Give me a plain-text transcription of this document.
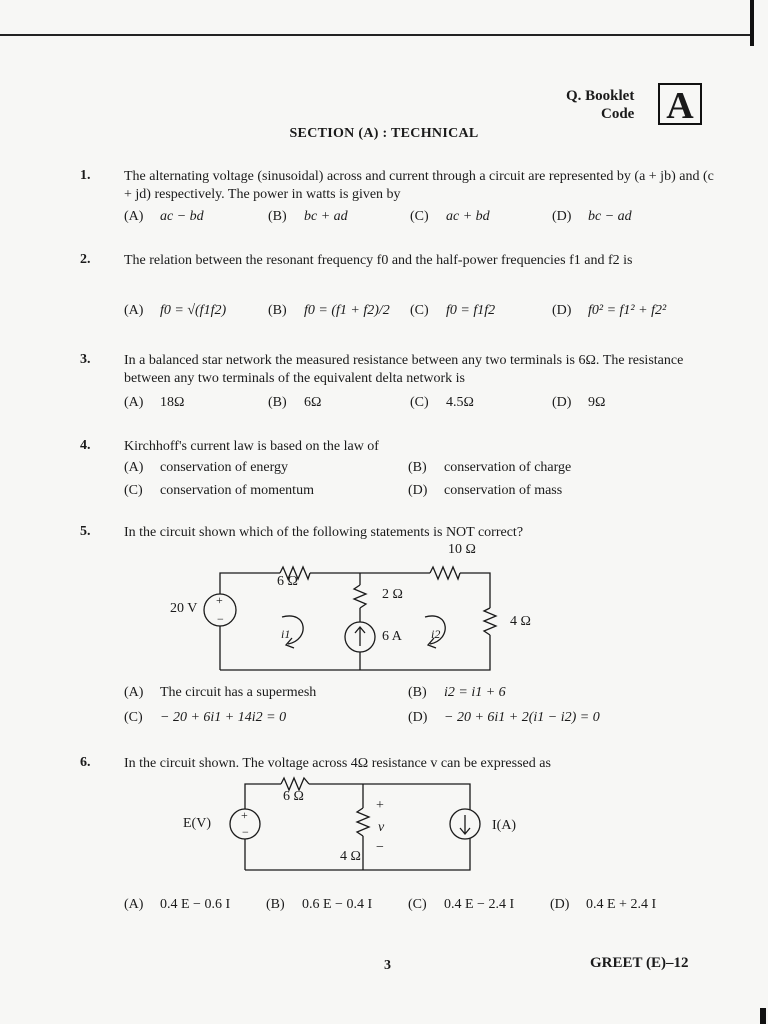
Q. Booklet
Code A
SECTION (A) : TECHNICAL
1. The alternating voltage (sinusoidal) across and current through a circuit are represented by (a + jb) and (c + jd) respectively. The power in watts is given by
(A) ac − bd	(B) bc + ad	(C) ac + bd	(D) bc − ad
2. The relation between the resonant frequency f0 and the half-power frequencies f1 and f2 is
(A) f0 = √(f1f2)	(B) f0 = (f1 + f2)/2 (C) f0 = f1f2	(D) f0² = f1² + f2²
3. In a balanced star network the measured resistance between any two terminals is 6Ω. The resistance between any two terminals of the equivalent delta network is
(A) 18Ω	(B) 6Ω	(C) 4.5Ω	(D) 9Ω
4. Kirchhoff's current law is based on the law of
(A) conservation of energy	(B) conservation of charge
(C) conservation of momentum	(D) conservation of mass
5. In the circuit shown which of the following statements is NOT correct?
+
−
10 Ω
6 Ω
2 Ω
4 Ω
20 V
6 A
i1	i2
(A) The circuit has a supermesh	(B) i2 = i1 + 6
(C) − 20 + 6i1 + 14i2 = 0	(D) − 20 + 6i1 + 2(i1 − i2) = 0
6. In the circuit shown. The voltage across 4Ω resistance v can be expressed as
+
−
6 Ω
4 Ω
E(V)	I(A)
+
v
−
(A) 0.4 E − 0.6 I	(B) 0.6 E − 0.4 I	(C) 0.4 E − 2.4 I	(D) 0.4 E + 2.4 I
3	GREET (E)–12
